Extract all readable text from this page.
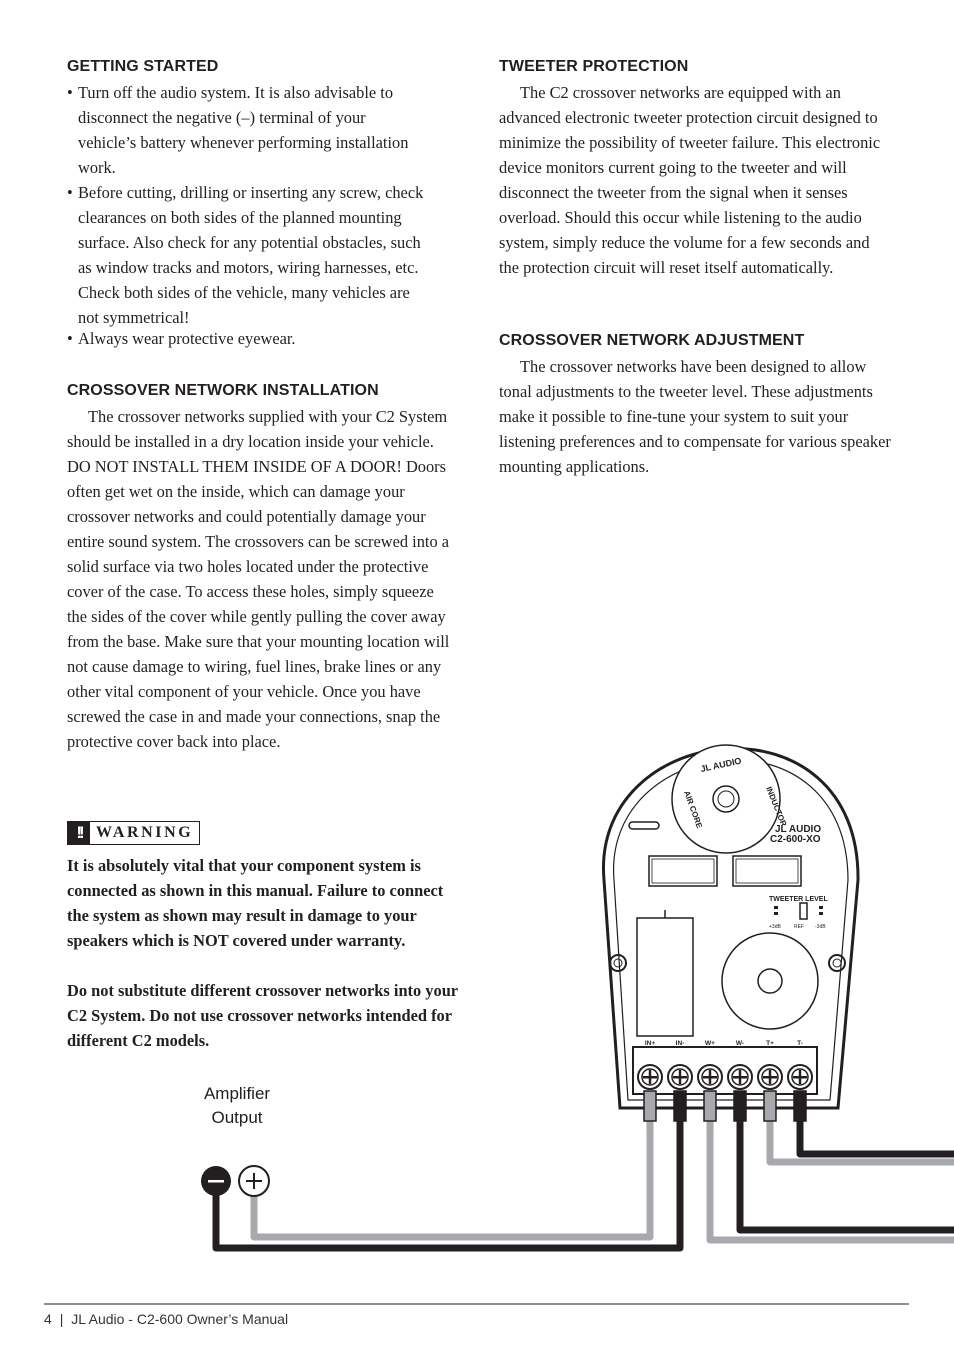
GETTING STARTED
• Turn off the audio system. It is also advisable to disconnect the negative (–) terminal of your vehicle’s battery whenever performing installation work.
• Before cutting, drilling or inserting any screw, check clearances on both sides of the planned mounting surface. Also check for any potential obstacles, such as window tracks and motors, wiring harnesses, etc. Check both sides of the vehicle, many vehicles are not symmetrical!
• Always wear protective eyewear.
CROSSOVER NETWORK INSTALLATION

The crossover networks supplied with your C2 System should be installed in a dry location inside your vehicle. DO NOT INSTALL THEM INSIDE OF A DOOR! Doors often get wet on the inside, which can damage your crossover networks and could potentially damage your entire sound system. The crossovers can be screwed into a solid surface via two holes located under the protective cover of the case. To access these holes, simply squeeze the sides of the cover while gently pulling the cover away from the base. Make sure that your mounting location will not cause damage to wiring, fuel lines, brake lines or any other vital component of your vehicle. Once you have screwed the case in and made your connections, snap the protective cover back into place.

!! WARNING

It is absolutely vital that your component system is connected as shown in this manual. Failure to connect the system as shown may result in damage to your speakers which is NOT covered under warranty.

Do not substitute different crossover networks into your C2 System. Do not use crossover networks intended for different C2 models.

TWEETER PROTECTION

The C2 crossover networks are equipped with an advanced electronic tweeter protection circuit designed to minimize the possibility of tweeter failure. This electronic device monitors current going to the tweeter and will disconnect the tweeter from the signal when it senses overload. Should this occur while listening to the audio system, simply reduce the volume for a few seconds and the protection circuit will reset itself automatically.

CROSSOVER NETWORK ADJUSTMENT

The crossover networks have been designed to allow tonal adjustments to the tweeter level. These adjustments make it possible to fine-tune your system to suit your listening preferences and to compensate for various speaker mounting applications.

Amplifier
Output
JL AUDIO
AIR CORE	INDUCTOR
JL AUDIO
C2-600-XO
TWEETER LEVEL
+3dB	REF -3dB
IN+	IN-	W+	W-	T+	T-
4 | JL Audio - C2-600 Owner’s Manual
